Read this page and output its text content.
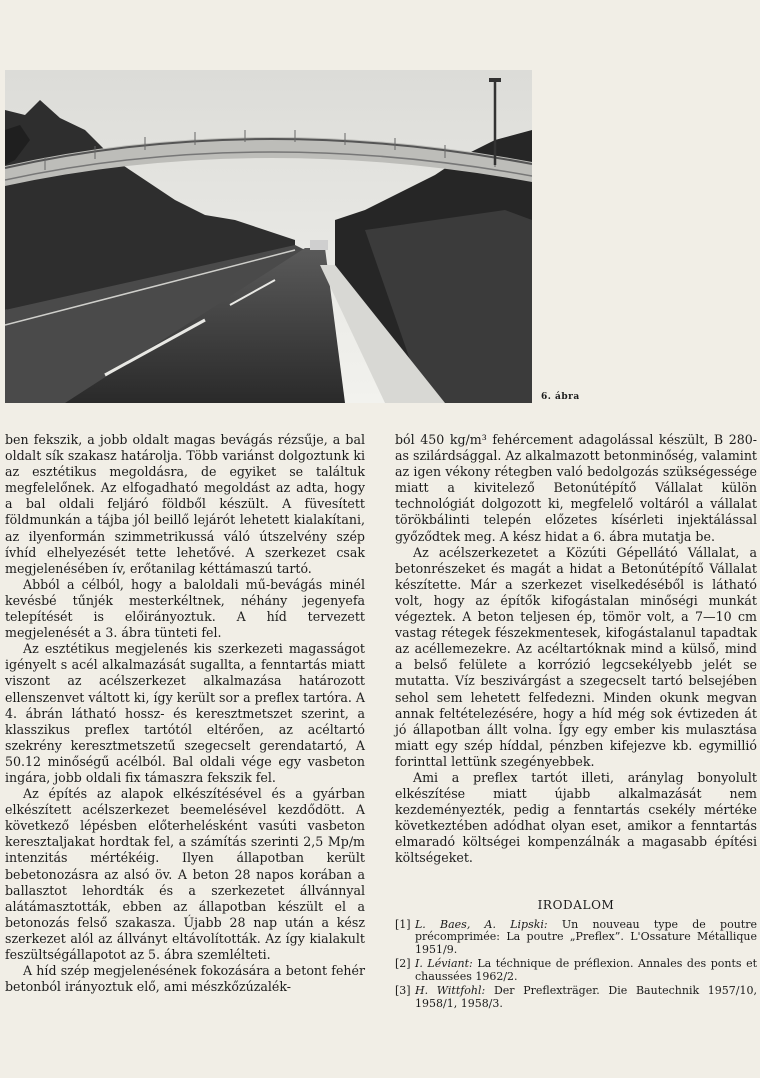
6. ábra

ben fekszik, a jobb oldalt magas bevágás rézsűje, a bal oldalt sík szakasz határolja. Több variánst dolgoztunk ki az esztétikus megoldásra, de egyiket se találtuk megfelelőnek. Az elfogadható megoldást az adta, hogy a bal oldali feljáró földből készült. A füvesített földmunkán a tájba jól beillő lejárót lehetett kialakítani, az ilyenformán szimmetrikussá váló útszelvény szép ívhíd elhelyezését tette lehetővé. A szerkezet csak megjelenésében ív, erőtanilag kéttámaszú tartó.

Abból a célból, hogy a baloldali mű-bevágás minél kevésbé tűnjék mesterkéltnek, néhány jegenyefa telepítését is előirányoztuk. A híd tervezett megjelenését a 3. ábra tünteti fel.

Az esztétikus megjelenés kis szerkezeti magasságot igényelt s acél alkalmazását sugallta, a fenntartás miatt viszont az acélszerkezet alkalmazása határozott ellenszenvet váltott ki, így került sor a preflex tartóra. A 4. ábrán látható hossz- és keresztmetszet szerint, a klasszikus preflex tartótól eltérően, az acéltartó szekrény keresztmetszetű szegecselt gerendatartó, A 50.12 minőségű acélból. Bal oldali vége egy vasbeton ingára, jobb oldali fix támaszra fekszik fel.

Az építés az alapok elkészítésével és a gyárban elkészített acélszerkezet beemelésével kezdődött. A következő lépésben előterhelésként vasúti vasbeton keresztaljakat hordtak fel, a számítás szerinti 2,5 Mp/m intenzitás mértékéig. Ilyen állapotban került bebetonozásra az alsó öv. A beton 28 napos korában a ballasztot lehordták és a szerkezetet állvánnyal alátámasztották, ebben az állapotban készült el a betonozás felső szakasza. Újabb 28 nap után a kész szerkezet alól az állványt eltávolították. Az így kialakult feszültségállapotot az 5. ábra szemlélteti.

A híd szép megjelenésének fokozására a betont fehér betonból irányoztuk elő, ami mészkőzúzalék-

ból 450 kg/m³ fehércement adagolással készült, B 280-as szilárdsággal. Az alkalmazott betonminőség, valamint az igen vékony rétegben való bedolgozás szükségessége miatt a kivitelező Betonútépítő Vállalat külön technológiát dolgozott ki, megfelelő voltáról a vállalat törökbálinti telepén előzetes kísérleti injektálással győződtek meg. A kész hidat a 6. ábra mutatja be.

Az acélszerkezetet a Közúti Gépellátó Vállalat, a betonrészeket és magát a hidat a Betonútépítő Vállalat készítette. Már a szerkezet viselkedéséből is látható volt, hogy az építők kifogástalan minőségi munkát végeztek. A beton teljesen ép, tömör volt, a 7—10 cm vastag rétegek fészekmentesek, kifogástalanul tapadtak az acéllemezekre. Az acéltartóknak mind a külső, mind a belső felülete a korrózió legcsekélyebb jelét se mutatta. Víz beszivárgást a szegecselt tartó belsejében sehol sem lehetett felfedezni. Minden okunk megvan annak feltételezésére, hogy a híd még sok évtizeden át jó állapotban állt volna. Így egy ember kis mulasztása miatt egy szép híddal, pénzben kifejezve kb. egymillió forinttal lettünk szegényebbek.

Ami a preflex tartót illeti, aránylag bonyolult elkészítése miatt újabb alkalmazását nem kezdeményezték, pedig a fenntartás csekély mértéke következtében adódhat olyan eset, amikor a fenntartás elmaradó költségei kompenzálnák a magasabb építési költségeket.

IRODALOM
[1] L. Baes, A. Lipski: Un nouveau type de poutre précomprimée: La poutre „Preflex”. L'Ossature Métallique 1951/9.
[2] I. Léviant: La téchnique de préflexion. Annales des ponts et chaussées 1962/2.
[3] H. Wittfohl: Der Preflexträger. Die Bautechnik 1957/10, 1958/1, 1958/3.
